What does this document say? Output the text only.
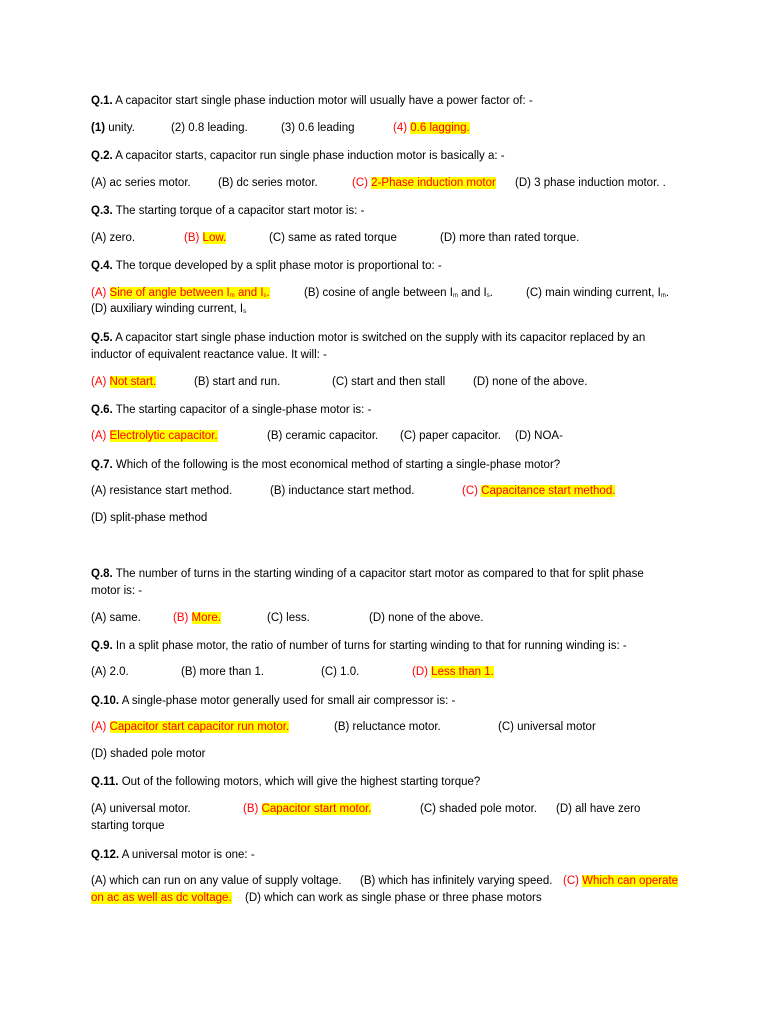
Q.1. A capacitor start single phase induction motor will usually have a power factor of: -
(1) unity.	(2) 0.8 leading.	(3) 0.6 leading	(4) 0.6 lagging.
Q.2. A capacitor starts, capacitor run single phase induction motor is basically a: -
(A) ac series motor. (B) dc series motor.	(C) 2-Phase induction motor (D) 3 phase induction motor. .
Q.3. The starting torque of a capacitor start motor is: -
(A) zero.	(B) Low.	(C) same as rated torque	(D) more than rated torque.
Q.4. The torque developed by a split phase motor is proportional to: -
(A) Sine of angle between $I_m$ and $I_s$.	(B) cosine of angle between $I_m$ and $I_s$.	(C) main winding current, $I_m$.
(D) auxiliary winding current, $I_s$
Q.5. A capacitor start single phase induction motor is switched on the supply with its capacitor replaced by an
inductor of equivalent reactance value. It will: -
(A) Not start.	(B) start and run.	(C) start and then stall (D) none of the above.
Q.6. The starting capacitor of a single-phase motor is: -
(A) Electrolytic capacitor.	(B) ceramic capacitor. (C) paper capacitor. (D) NOA-
Q.7. Which of the following is the most economical method of starting a single-phase motor?
(A) resistance start method.	(B) inductance start method.	(C) Capacitance start method.
(D) split-phase method
Q.8. The number of turns in the starting winding of a capacitor start motor as compared to that for split phase
motor is: -
(A) same.	(B) More.	(C) less.	(D) none of the above.
Q.9. In a split phase motor, the ratio of number of turns for starting winding to that for running winding is: -
(A) 2.0.	(B) more than 1.	(C) 1.0.	(D) Less than 1.
Q.10. A single-phase motor generally used for small air compressor is: -
(A) Capacitor start capacitor run motor.	(B) reluctance motor.	(C) universal motor
(D) shaded pole motor
Q.11. Out of the following motors, which will give the highest starting torque?
(A) universal motor.	(B) Capacitor start motor.	(C) shaded pole motor. (D) all have zero
starting torque
Q.12. A universal motor is one: -
(A) which can run on any value of supply voltage. (B) which has infinitely varying speed. (C) Which can operate
on ac as well as dc voltage. (D) which can work as single phase or three phase motors
